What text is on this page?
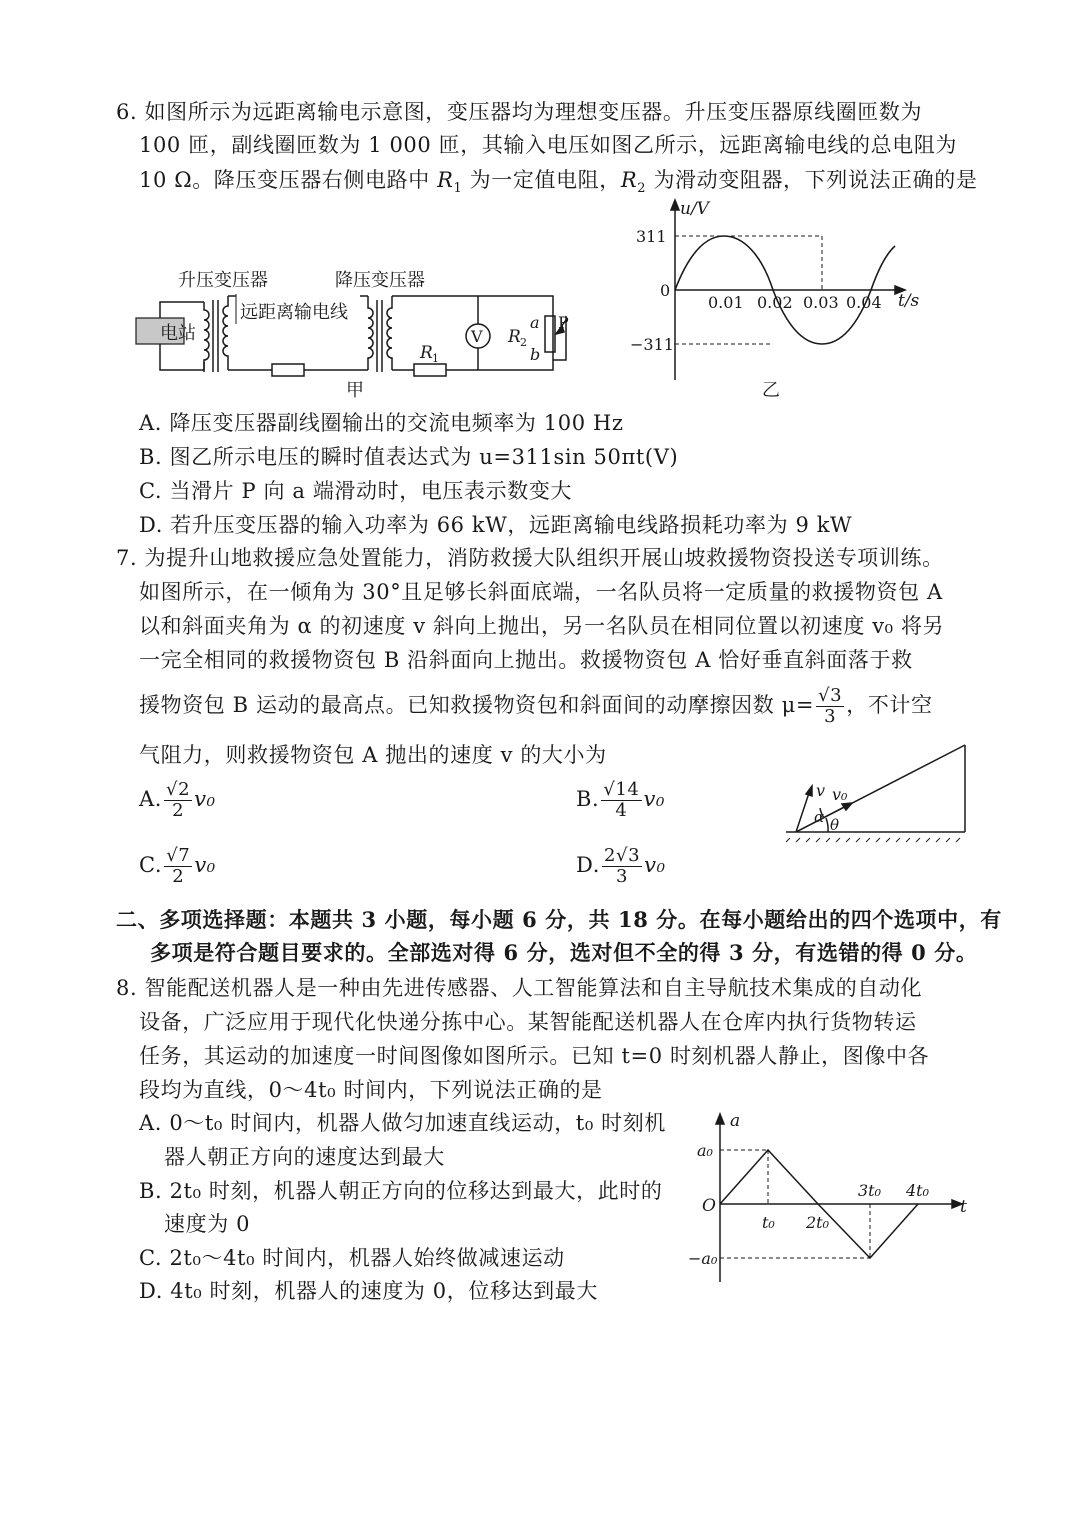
6. 如图所示为远距离输电示意图，变压器均为理想变压器。升压变压器原线圈匝数为
100 匝，副线圈匝数为 1 000 匝，其输入电压如图乙所示，远距离输电线的总电阻为
10 Ω。降压变压器右侧电路中 $R_1$ 为一定值电阻，$R_2$ 为滑动变阻器，下列说法正确的是
电站
升压变压器	降压变压器
远距离输电线
V
R 1
R 2
a
b
P
甲
u/V
t/s
311
−311
0
0.01 0.02 0.03 0.04
乙
A. 降压变压器副线圈输出的交流电频率为 100 Hz
B. 图乙所示电压的瞬时值表达式为 u=311sin 50πt(V)
C. 当滑片 P 向 a 端滑动时，电压表示数变大
D. 若升压变压器的输入功率为 66 kW，远距离输电线路损耗功率为 9 kW
7. 为提升山地救援应急处置能力，消防救援大队组织开展山坡救援物资投送专项训练。
如图所示，在一倾角为 30°且足够长斜面底端，一名队员将一定质量的救援物资包 A
以和斜面夹角为 α 的初速度 v 斜向上抛出，另一名队员在相同位置以初速度 v₀ 将另
一完全相同的救援物资包 B 沿斜面向上抛出。救援物资包 A 恰好垂直斜面落于救
援物资包 B 运动的最高点。已知救援物资包和斜面间的动摩擦因数 $\mu= \frac{√3}{3}$ ，不计空
气阻力，则救援物资包 A 抛出的速度 v 的大小为
A. $\frac{√2}{2} v_0$	B. $\frac{√14}{4} v_0$
C. $\frac{√7}{2} v_0$	D. $\frac{2√3}{3} v_0$
v v₀
α θ
二、多项选择题：本题共 3 小题，每小题 6 分，共 18 分。在每小题给出的四个选项中，有
多项是符合题目要求的。全部选对得 6 分，选对但不全的得 3 分，有选错的得 0 分。
8. 智能配送机器人是一种由先进传感器、人工智能算法和自主导航技术集成的自动化
设备，广泛应用于现代化快递分拣中心。某智能配送机器人在仓库内执行货物转运
任务，其运动的加速度一时间图像如图所示。已知 t=0 时刻机器人静止，图像中各
段均为直线，0～4t₀ 时间内，下列说法正确的是
A. 0～t₀ 时间内，机器人做匀加速直线运动，t₀ 时刻机
器人朝正方向的速度达到最大
B. 2t₀ 时刻，机器人朝正方向的位移达到最大，此时的
速度为 0
C. 2t₀～4t₀ 时间内，机器人始终做减速运动
D. 4t₀ 时刻，机器人的速度为 0，位移达到最大
a
t
O
a₀
−a₀
t₀ 2t₀
3t₀ 4t₀
